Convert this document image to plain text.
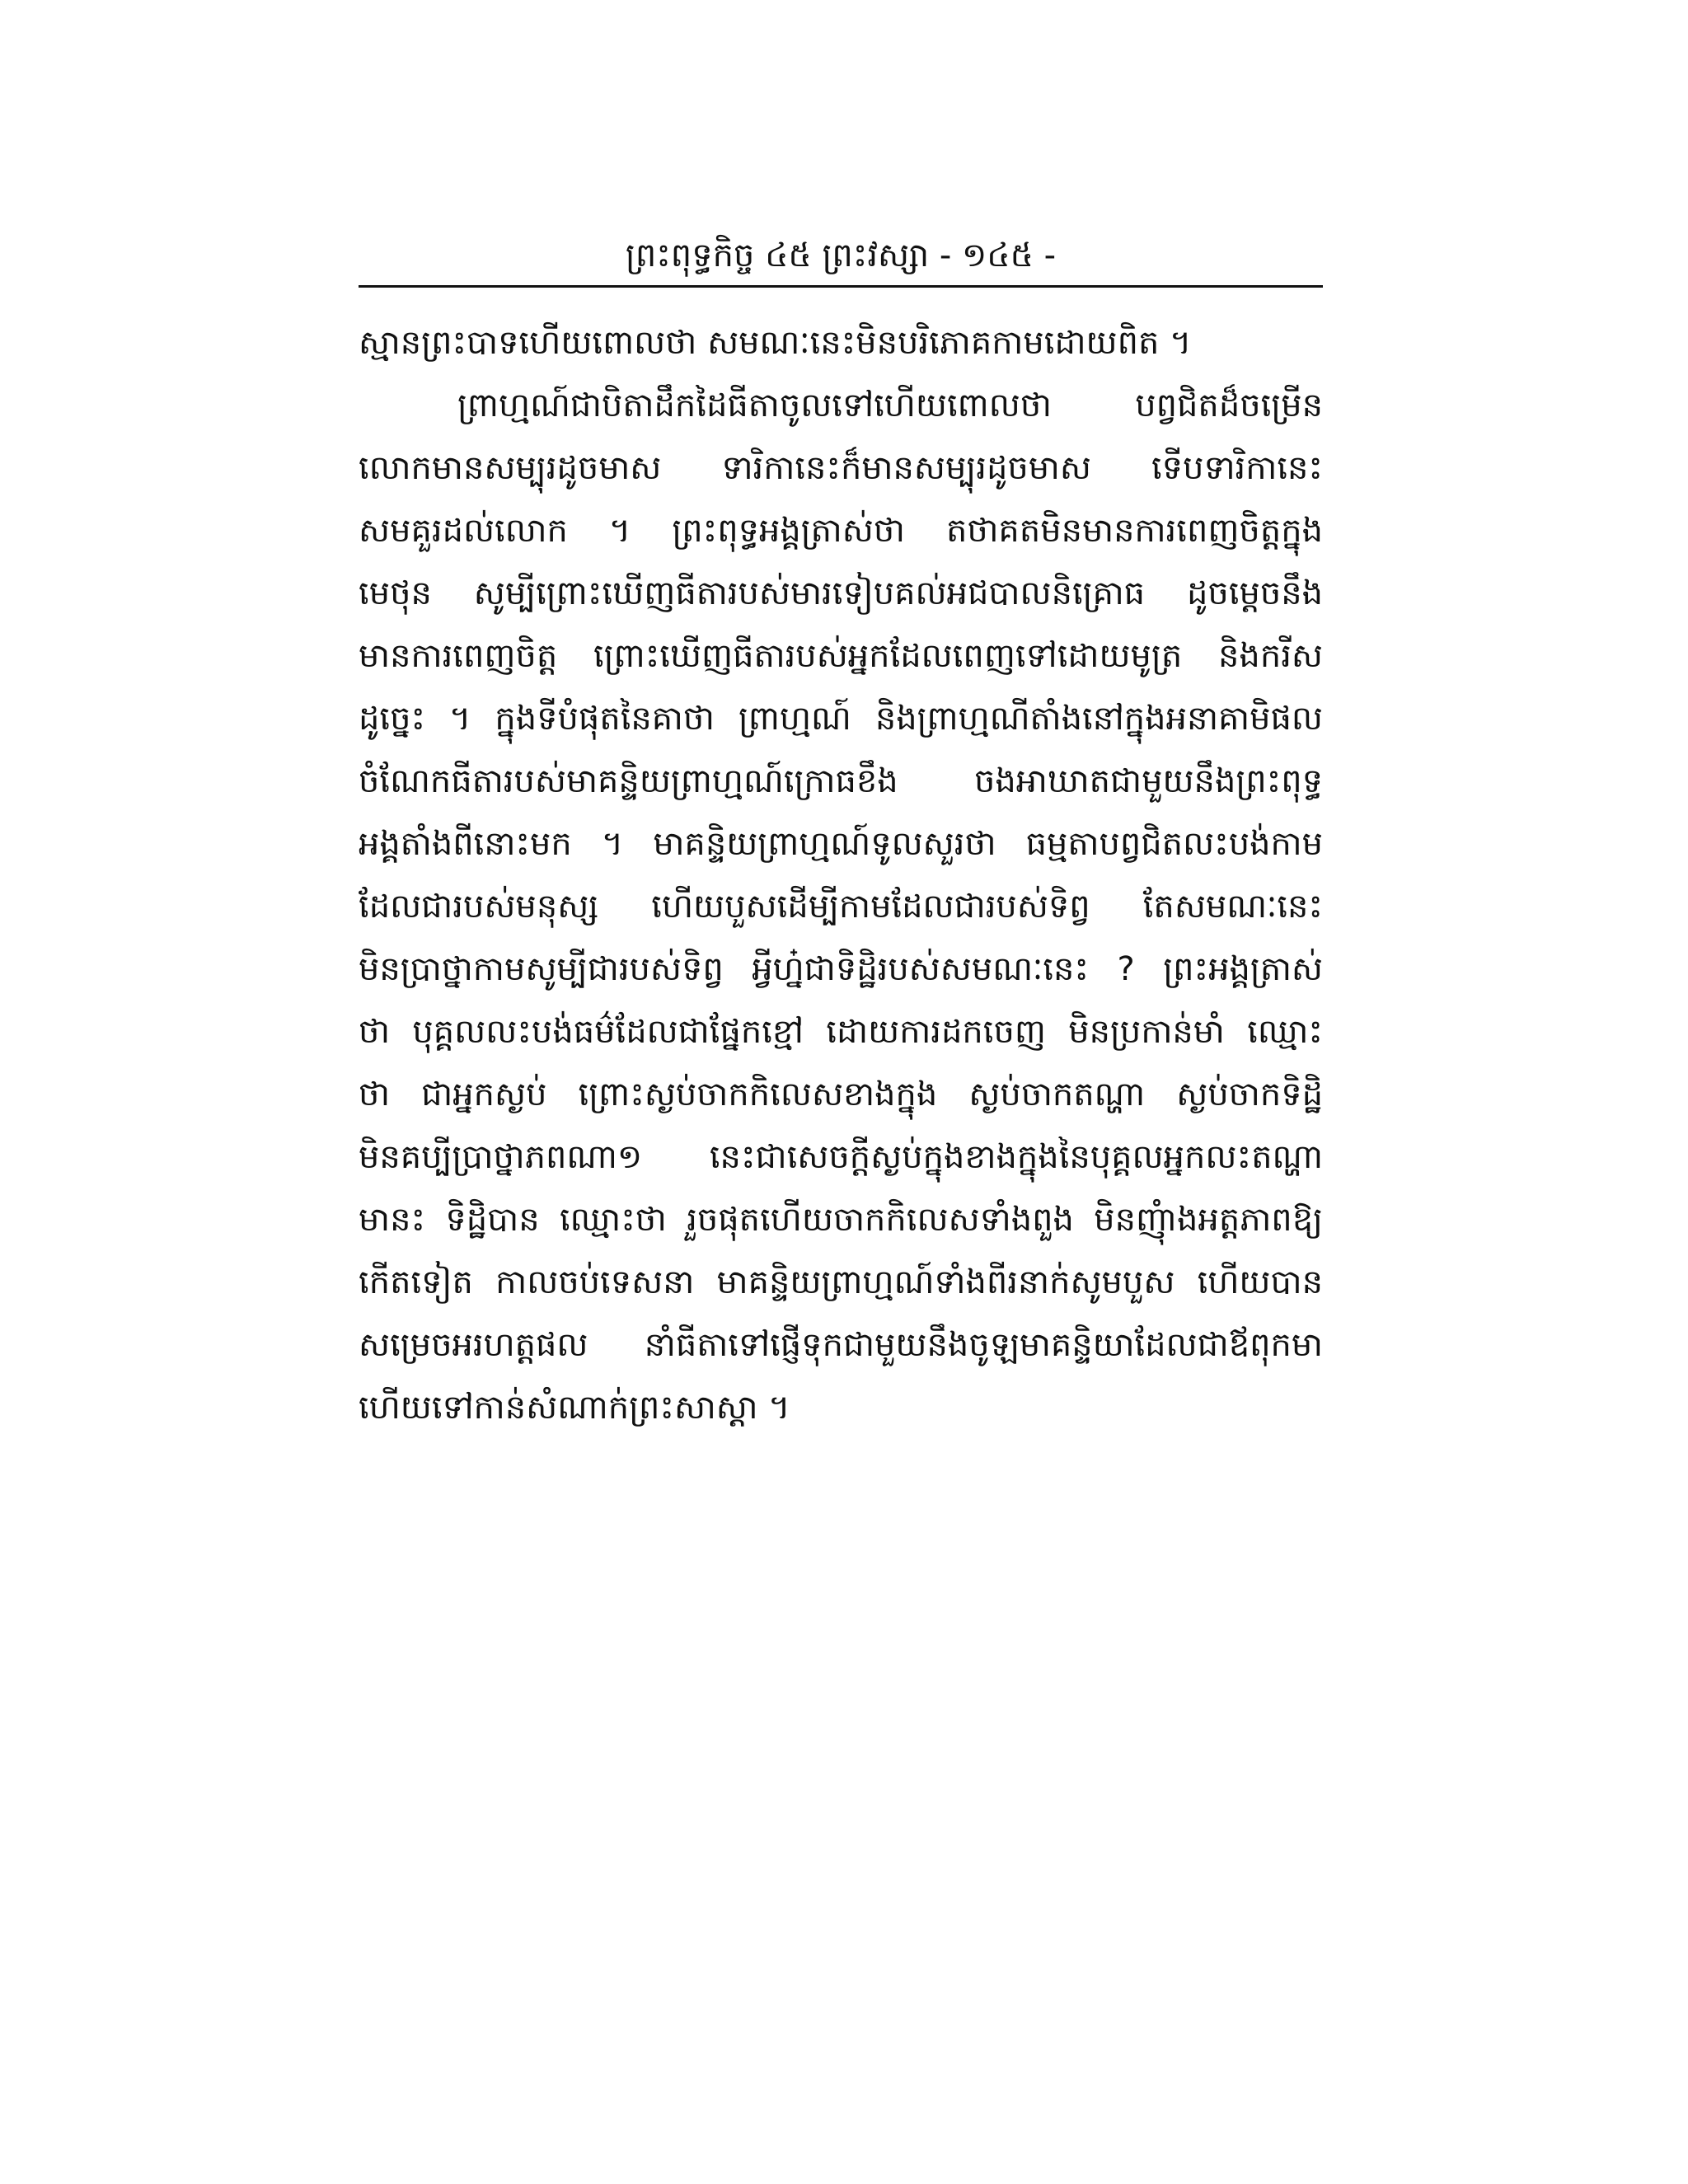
ព្រះពុទ្ធកិច្ច ៤៥ ព្រះវស្សា - ១៤៥ -
ស្មានព្រះបាទហើយពោលថា សមណៈនេះមិនបរិភោគកាមដោយពិត ។
ព្រាហ្មណ៍ជាបិតាដឹកដៃធីតាចូលទៅហើយពោលថា បព្វជិតដ៏ចម្រើន
លោកមានសម្បុរដូចមាស ទារិកានេះក៏មានសម្បុរដូចមាស ទើបទារិកានេះ
សមគួរដល់លោក ។ ព្រះពុទ្ធអង្គត្រាស់ថា តថាគតមិនមានការពេញចិត្តក្នុង
មេថុន សូម្បីព្រោះឃើញធីតារបស់មារទៀបគល់អជបាលនិគ្រោធ ដូចម្តេចនឹង
មានការពេញចិត្ត ព្រោះឃើញធីតារបស់អ្នកដែលពេញទៅដោយមូត្រ និងករីស
ដូច្នេះ ។ ក្នុងទីបំផុតនៃគាថា ព្រាហ្មណ៍ និងព្រាហ្មណីតាំងនៅក្នុងអនាគាមិផល
ចំណែកធីតារបស់មាគន្ទិយព្រាហ្មណ៍ក្រោធខឹង ចងអាឃាតជាមួយនឹងព្រះពុទ្ធ
អង្គតាំងពីនោះមក ។ មាគន្ទិយព្រាហ្មណ៍ទូលសួរថា ធម្មតាបព្វជិតលះបង់កាម
ដែលជារបស់មនុស្ស ហើយបួសដើម្បីកាមដែលជារបស់ទិព្វ តែសមណៈនេះ
មិនប្រាថ្នាកាមសូម្បីជារបស់ទិព្វ អ្វីហ្ន៎ជាទិដ្ឋិរបស់សមណៈនេះ ? ព្រះអង្គត្រាស់
ថា បុគ្គលលះបង់ធម៌ដែលជាផ្នែកខ្មៅ ដោយការដកចេញ មិនប្រកាន់មាំ ឈ្មោះ
ថា ជាអ្នកស្ងប់ ព្រោះស្ងប់ចាកកិលេសខាងក្នុង ស្ងប់ចាកតណ្ហា ស្ងប់ចាកទិដ្ឋិ
មិនគប្បីប្រាថ្នាភពណា១ នេះជាសេចក្តីស្ងប់ក្នុងខាងក្នុងនៃបុគ្គលអ្នកលះតណ្ហា
មានះ ទិដ្ឋិបាន ឈ្មោះថា រួចផុតហើយចាកកិលេសទាំងពួង មិនញុំាងអត្តភាពឱ្យ
កើតទៀត កាលចប់ទេសនា មាគន្ទិយព្រាហ្មណ៍ទាំងពីរនាក់សូមបួស ហើយបាន
សម្រេចអរហត្តផល នាំធីតាទៅផ្ញើទុកជាមួយនឹងចូឡមាគន្ទិយាដែលជាឪពុកមា
ហើយទៅកាន់សំណាក់ព្រះសាស្តា ។
